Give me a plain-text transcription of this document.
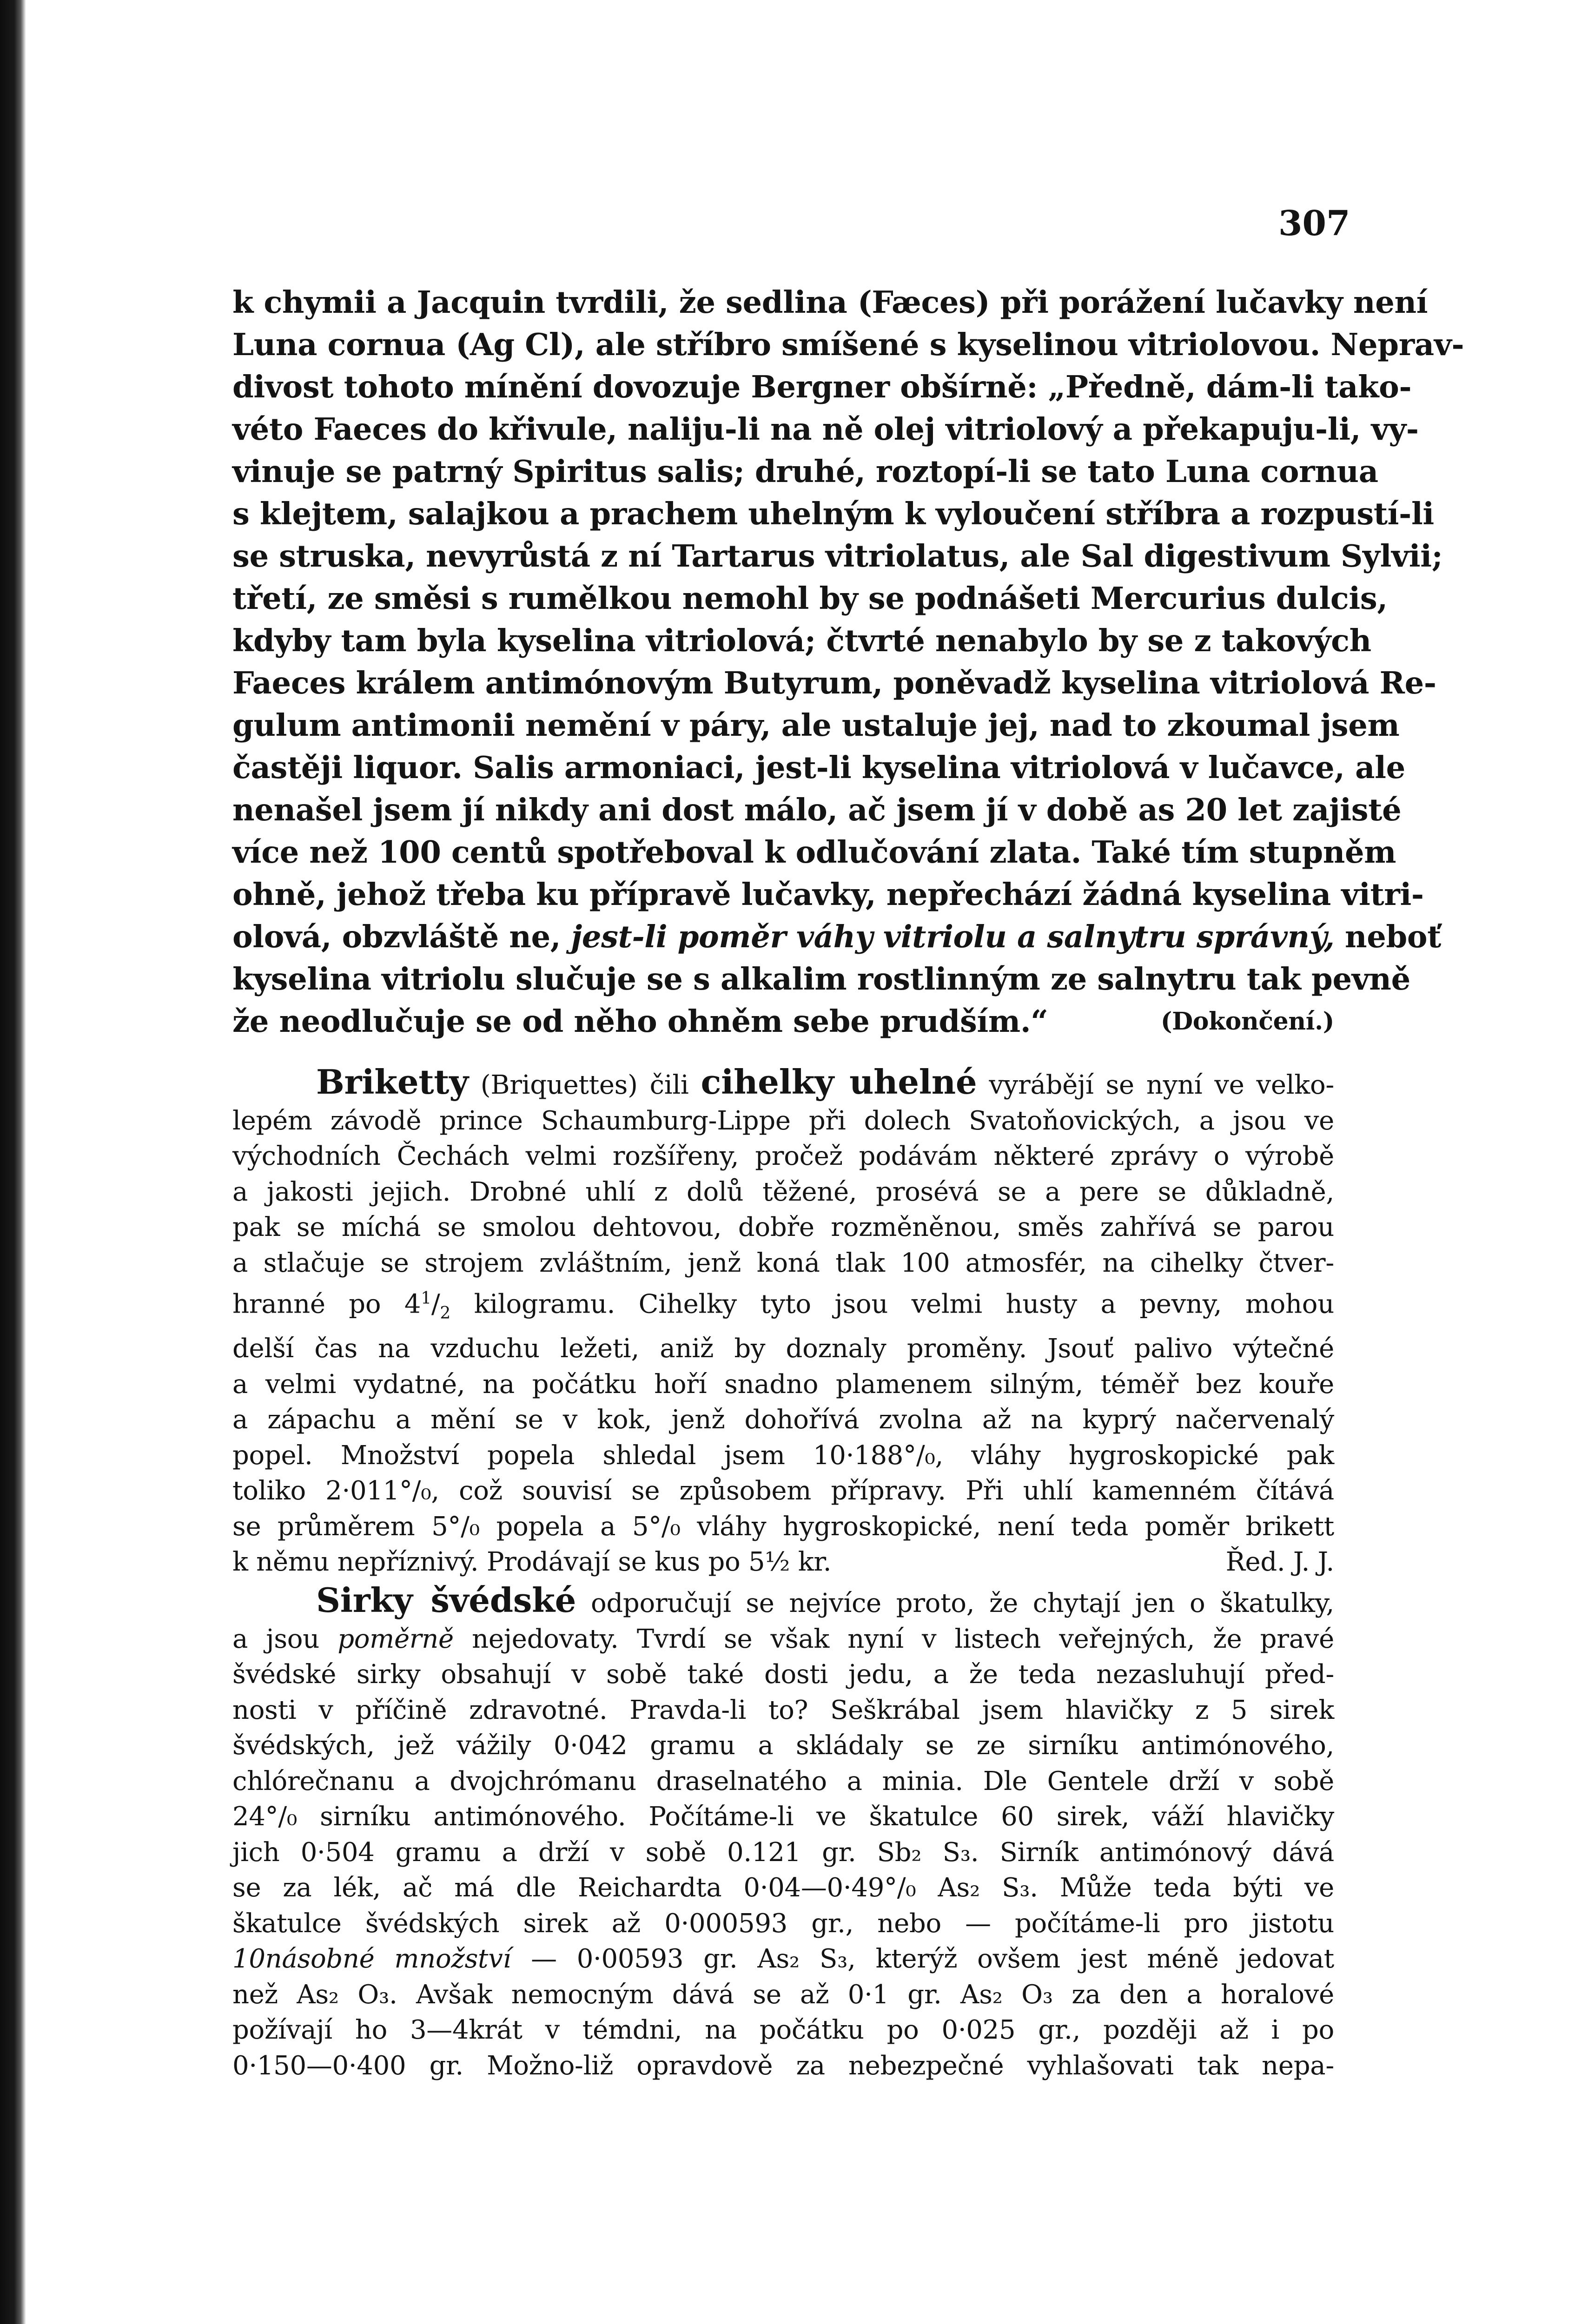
307
k chymii a Jacquin tvrdili, že sedlina (Fæces) při porážení lučavky není
Luna cornua (Ag Cl), ale stříbro smíšené s kyselinou vitriolovou. Neprav-
divost tohoto mínění dovozuje Bergner obšírně: „Předně, dám-li tako-
véto Faeces do křivule, naliju-li na ně olej vitriolový a překapuju-li, vy-
vinuje se patrný Spiritus salis; druhé, roztopí-li se tato Luna cornua
s klejtem, salajkou a prachem uhelným k vyloučení stříbra a rozpustí-li
se struska, nevyrůstá z ní Tartarus vitriolatus, ale Sal digestivum Sylvii;
třetí, ze směsi s rumělkou nemohl by se podnášeti Mercurius dulcis,
kdyby tam byla kyselina vitriolová; čtvrté nenabylo by se z takových
Faeces králem antimónovým Butyrum, poněvadž kyselina vitriolová Re-
gulum antimonii nemění v páry, ale ustaluje jej, nad to zkoumal jsem
častěji liquor. Salis armoniaci, jest-li kyselina vitriolová v lučavce, ale
nenašel jsem jí nikdy ani dost málo, ač jsem jí v době as 20 let zajisté
více než 100 centů spotřeboval k odlučování zlata. Také tím stupněm
ohně, jehož třeba ku přípravě lučavky, nepřechází žádná kyselina vitri-
olová, obzvláště ne, jest-li poměr váhy vitriolu a salnytru správný, neboť
kyselina vitriolu slučuje se s alkalim rostlinným ze salnytru tak pevně
že neodlučuje se od něho ohněm sebe prudším.“	(Dokončení.)
Briketty (Briquettes) čili cihelky uhelné vyrábějí se nyní ve velko-
lepém závodě prince Schaumburg-Lippe při dolech Svatoňovických, a jsou ve
východních Čechách velmi rozšířeny, pročež podávám některé zprávy o výrobě
a jakosti jejich. Drobné uhlí z dolů těžené, prosévá se a pere se důkladně,
pak se míchá se smolou dehtovou, dobře rozměněnou, směs zahřívá se parou
a stlačuje se strojem zvláštním, jenž koná tlak 100 atmosfér, na cihelky čtver-
hranné po $4^1/_2$ kilogramu. Cihelky tyto jsou velmi husty a pevny, mohou
delší čas na vzduchu ležeti, aniž by doznaly proměny. Jsouť palivo výtečné
a velmi vydatné, na počátku hoří snadno plamenem silným, téměř bez kouře
a zápachu a mění se v kok, jenž dohořívá zvolna až na kyprý načervenalý
popel. Množství popela shledal jsem 10·188°/₀, vláhy hygroskopické pak
toliko 2·011°/₀, což souvisí se způsobem přípravy. Při uhlí kamenném čítává
se průměrem 5°/₀ popela a 5°/₀ vláhy hygroskopické, není teda poměr brikett
k němu nepříznivý. Prodávají se kus po 5½ kr.	Řed. J. J.
Sirky švédské odporučují se nejvíce proto, že chytají jen o škatulky,
a jsou poměrně nejedovaty. Tvrdí se však nyní v listech veřejných, že pravé
švédské sirky obsahují v sobě také dosti jedu, a že teda nezasluhují před-
nosti v příčině zdravotné. Pravda-li to? Seškrábal jsem hlavičky z 5 sirek
švédských, jež vážily 0·042 gramu a skládaly se ze sirníku antimónového,
chlórečnanu a dvojchrómanu draselnatého a minia. Dle Gentele drží v sobě
24°/₀ sirníku antimónového. Počítáme-li ve škatulce 60 sirek, váží hlavičky
jich 0·504 gramu a drží v sobě 0.121 gr. Sb₂ S₃. Sirník antimónový dává
se za lék, ač má dle Reichardta 0·04—0·49°/₀ As₂ S₃. Může teda býti ve
škatulce švédských sirek až 0·000593 gr., nebo — počítáme-li pro jistotu
10násobné množství — 0·00593 gr. As₂ S₃, kterýž ovšem jest méně jedovat
než As₂ O₃. Avšak nemocným dává se až 0·1 gr. As₂ O₃ za den a horalové
požívají ho 3—4krát v témdni, na počátku po 0·025 gr., později až i po
0·150—0·400 gr. Možno-liž opravdově za nebezpečné vyhlašovati tak nepa-
